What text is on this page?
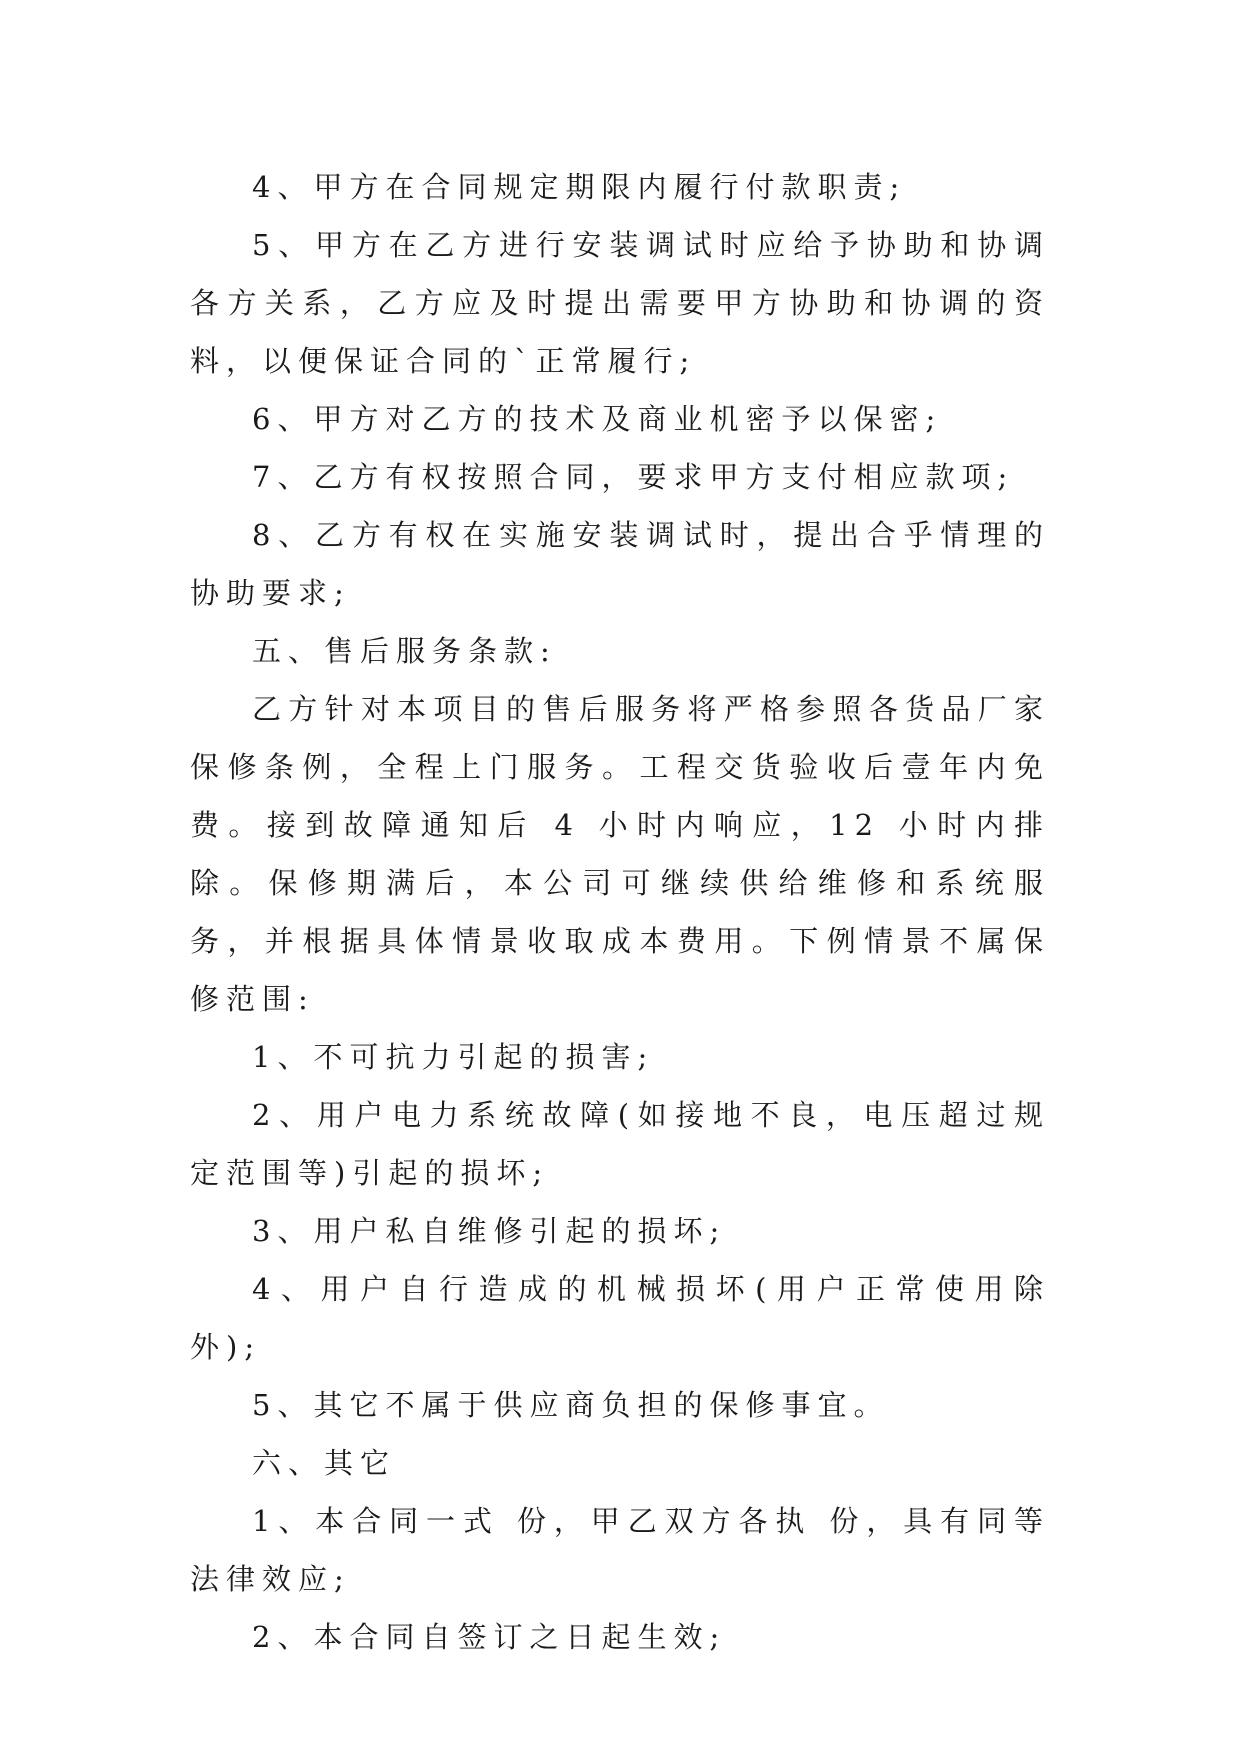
4、甲方在合同规定期限内履行付款职责;

5、甲方在乙方进行安装调试时应给予协助和协调各方关系，乙方应及时提出需要甲方协助和协调的资料，以便保证合同的`正常履行;

6、甲方对乙方的技术及商业机密予以保密;

7、乙方有权按照合同，要求甲方支付相应款项;

8、乙方有权在实施安装调试时，提出合乎情理的协助要求;

五、售后服务条款:

乙方针对本项目的售后服务将严格参照各货品厂家保修条例，全程上门服务。工程交货验收后壹年内免费。接到故障通知后 4 小时内响应，12 小时内排除。保修期满后，本公司可继续供给维修和系统服务，并根据具体情景收取成本费用。下例情景不属保修范围:

1、不可抗力引起的损害;

2、用户电力系统故障(如接地不良，电压超过规定范围等)引起的损坏;

3、用户私自维修引起的损坏;

4、用户自行造成的机械损坏(用户正常使用除外);

5、其它不属于供应商负担的保修事宜。

六、其它

1、本合同一式 份，甲乙双方各执 份，具有同等法律效应;

2、本合同自签订之日起生效;
